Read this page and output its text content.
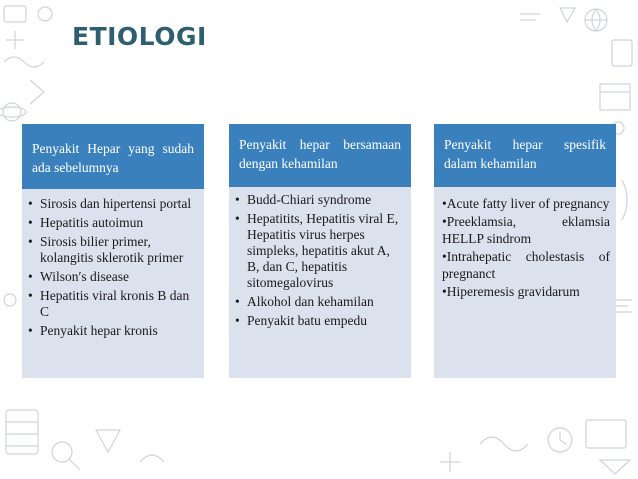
ETIOLOGI
Penyakit Hepar yang sudah ada sebelumnya
• Sirosis dan hipertensi portal
• Hepatitis autoimun
• Sirosis bilier primer, kolangitis sklerotik primer
• Wilson′s disease
• Hepatitis viral kronis B dan C
• Penyakit hepar kronis
Penyakit hepar bersamaan dengan kehamilan
• Budd-Chiari syndrome
• Hepatitits, Hepatitis viral E, Hepatitis virus herpes simpleks, hepatitis akut A, B, dan C, hepatitis sitomegalovirus
• Alkohol dan kehamilan
• Penyakit batu empedu
Penyakit hepar spesifik dalam kehamilan

•Acute fatty liver of pregnancy

•Preeklamsia, eklamsia HELLP sindrom

•Intrahepatic cholestasis of pregnanct

•Hiperemesis gravidarum
